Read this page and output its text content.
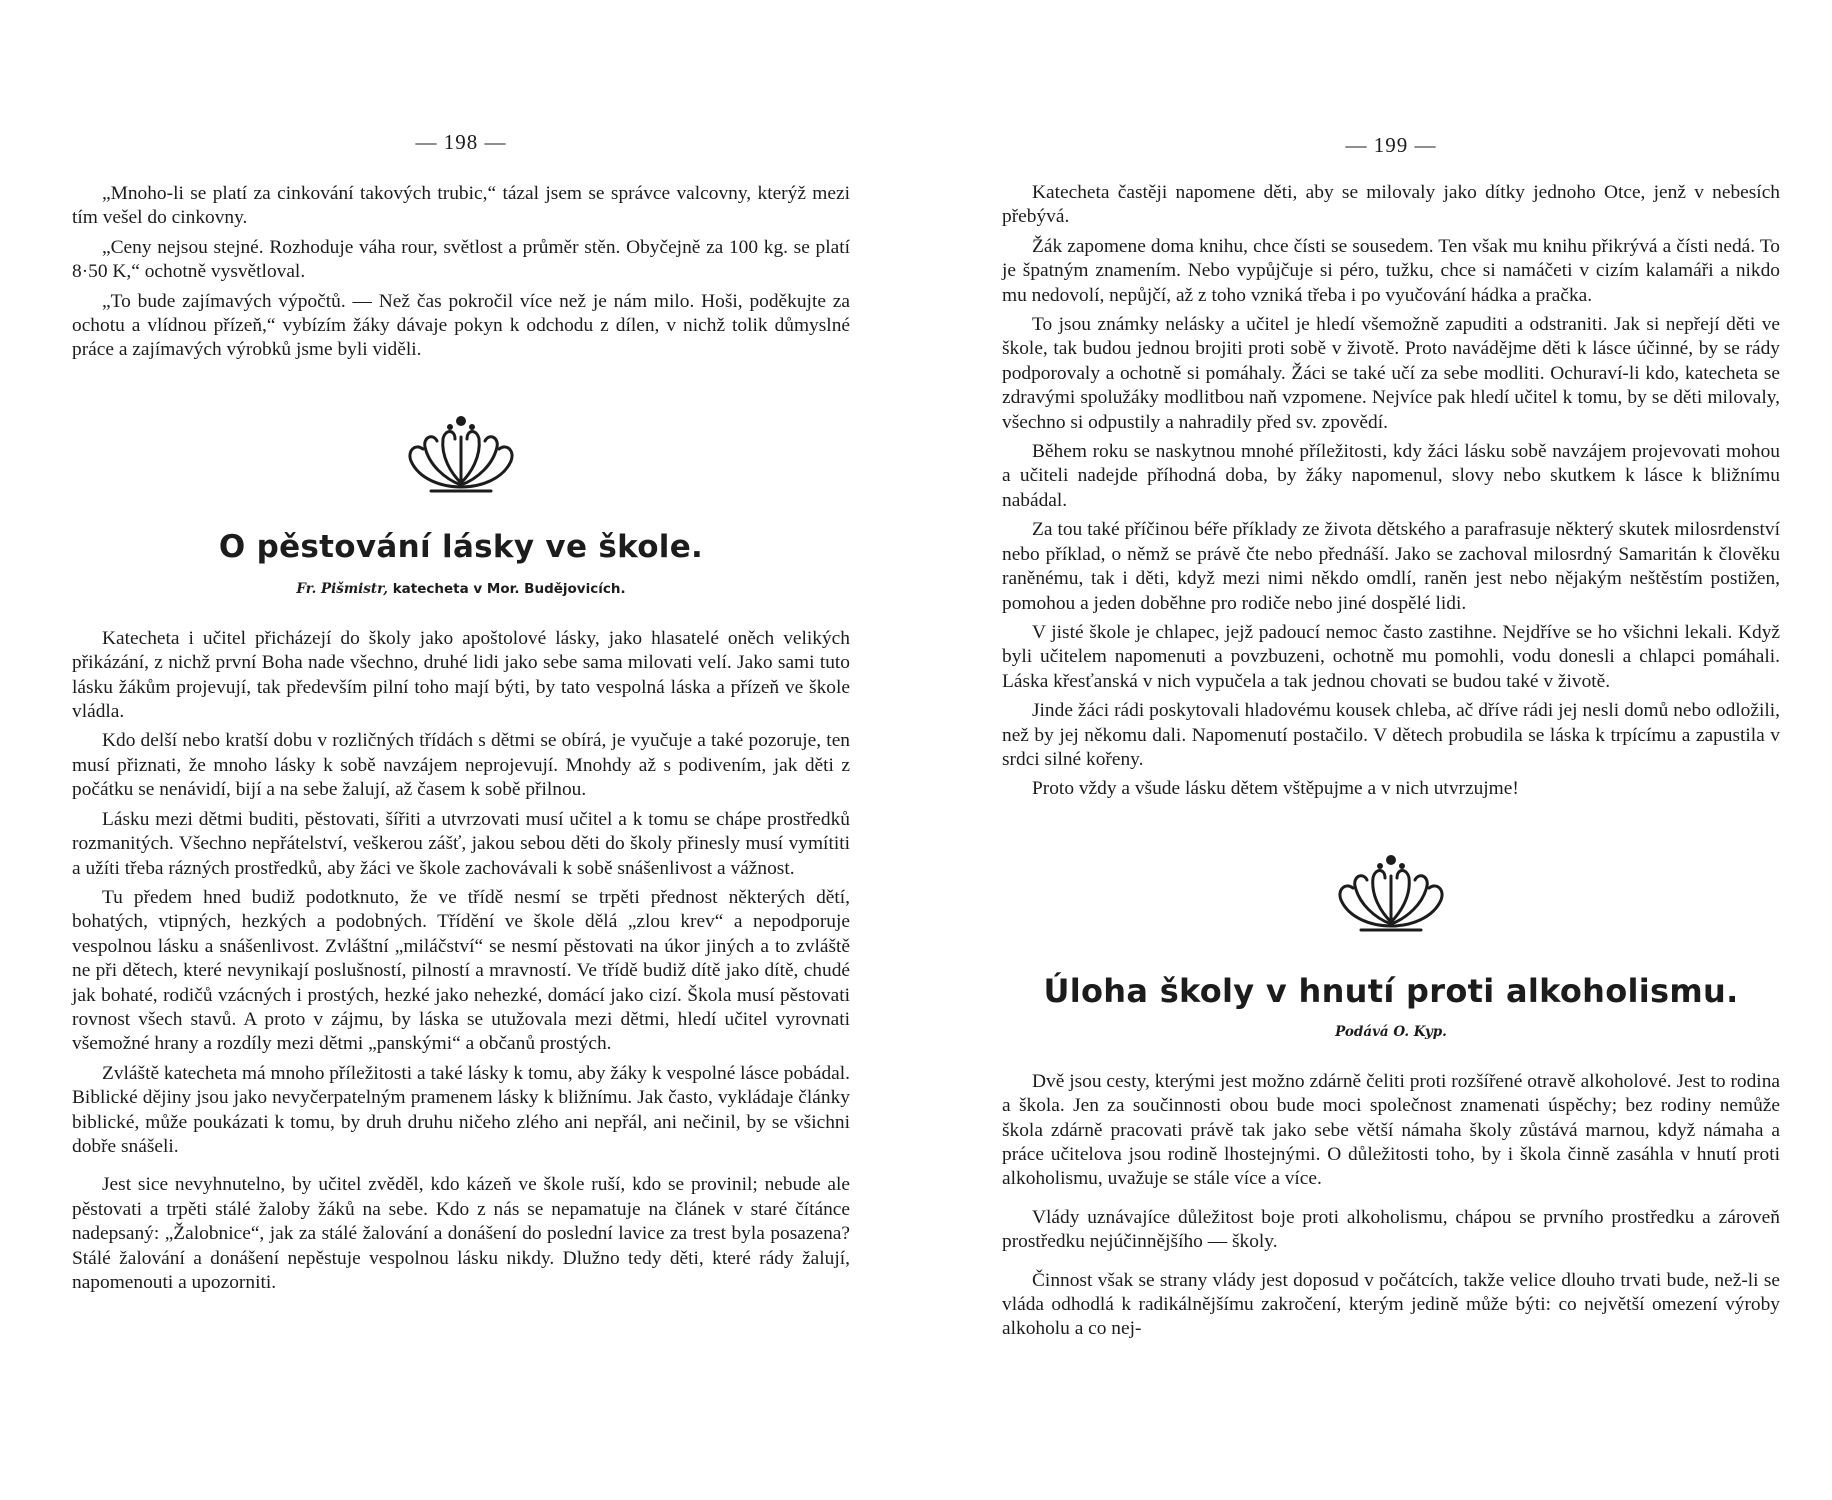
— 198 —

„Mnoho-li se platí za cinkování takových trubic,“ tázal jsem se správce valcovny, kterýž mezi tím vešel do cinkovny.

„Ceny nejsou stejné. Rozhoduje váha rour, světlost a průměr stěn. Obyčejně za 100 kg. se platí 8·50 K,“ ochotně vysvětloval.

„To bude zajímavých výpočtů. — Než čas pokročil více než je nám milo. Hoši, poděkujte za ochotu a vlídnou přízeň,“ vybízím žáky dávaje pokyn k odchodu z dílen, v nichž tolik důmyslné práce a zajímavých výrobků jsme byli viděli.

O pěstování lásky ve škole.
Fr. Pišmistr, katecheta v Mor. Budějovicích.

Katecheta i učitel přicházejí do školy jako apoštolové lásky, jako hlasatelé oněch velikých přikázání, z nichž první Boha nade všechno, druhé lidi jako sebe sama milovati velí. Jako sami tuto lásku žákům projevují, tak především pilní toho mají býti, by tato vespolná láska a přízeň ve škole vládla.

Kdo delší nebo kratší dobu v rozličných třídách s dětmi se obírá, je vyučuje a také pozoruje, ten musí přiznati, že mnoho lásky k sobě navzájem neprojevují. Mnohdy až s podivením, jak děti z počátku se nenávidí, bijí a na sebe žalují, až časem k sobě přilnou.

Lásku mezi dětmi buditi, pěstovati, šířiti a utvrzovati musí učitel a k tomu se chápe prostředků rozmanitých. Všechno nepřátelství, veškerou zášť, jakou sebou děti do školy přinesly musí vymítiti a užíti třeba rázných prostředků, aby žáci ve škole zachovávali k sobě snášenlivost a vážnost.

Tu předem hned budiž podotknuto, že ve třídě nesmí se trpěti přednost některých dětí, bohatých, vtipných, hezkých a podobných. Třídění ve škole dělá „zlou krev“ a nepodporuje vespolnou lásku a snášenlivost. Zvláštní „miláčství“ se nesmí pěstovati na úkor jiných a to zvláště ne při dětech, které nevynikají poslušností, pilností a mravností. Ve třídě budiž dítě jako dítě, chudé jak bohaté, rodičů vzácných i prostých, hezké jako nehezké, domácí jako cizí. Škola musí pěstovati rovnost všech stavů. A proto v zájmu, by láska se utužovala mezi dětmi, hledí učitel vyrovnati všemožné hrany a rozdíly mezi dětmi „panskými“ a občanů prostých.

Zvláště katecheta má mnoho příležitosti a také lásky k tomu, aby žáky k vespolné lásce pobádal. Biblické dějiny jsou jako nevyčerpatelným pramenem lásky k bližnímu. Jak často, vykládaje články biblické, může poukázati k tomu, by druh druhu ničeho zlého ani nepřál, ani nečinil, by se všichni dobře snášeli.

Jest sice nevyhnutelno, by učitel zvěděl, kdo kázeň ve škole ruší, kdo se provinil; nebude ale pěstovati a trpěti stálé žaloby žáků na sebe. Kdo z nás se nepamatuje na článek v staré čítánce nadepsaný: „Žalobnice“, jak za stálé žalování a donášení do poslední lavice za trest byla posazena? Stálé žalování a donášení nepěstuje vespolnou lásku nikdy. Dlužno tedy děti, které rády žalují, napomenouti a upozorniti.

— 199 —

Katecheta častěji napomene děti, aby se milovaly jako dítky jednoho Otce, jenž v nebesích přebývá.

Žák zapomene doma knihu, chce čísti se sousedem. Ten však mu knihu přikrývá a čísti nedá. To je špatným znamením. Nebo vypůjčuje si péro, tužku, chce si namáčeti v cizím kalamáři a nikdo mu nedovolí, nepůjčí, až z toho vzniká třeba i po vyučování hádka a pračka.

To jsou známky nelásky a učitel je hledí všemožně zapuditi a odstraniti. Jak si nepřejí děti ve škole, tak budou jednou brojiti proti sobě v životě. Proto navádějme děti k lásce účinné, by se rády podporovaly a ochotně si pomáhaly. Žáci se také učí za sebe modliti. Ochuraví-li kdo, katecheta se zdravými spolužáky modlitbou naň vzpomene. Nejvíce pak hledí učitel k tomu, by se děti milovaly, všechno si odpustily a nahradily před sv. zpovědí.

Během roku se naskytnou mnohé příležitosti, kdy žáci lásku sobě navzájem projevovati mohou a učiteli nadejde příhodná doba, by žáky napomenul, slovy nebo skutkem k lásce k bližnímu nabádal.

Za tou také příčinou béře příklady ze života dětského a parafrasuje některý skutek milosrdenství nebo příklad, o němž se právě čte nebo přednáší. Jako se zachoval milosrdný Samaritán k člověku raněnému, tak i děti, když mezi nimi někdo omdlí, raněn jest nebo nějakým neštěstím postižen, pomohou a jeden doběhne pro rodiče nebo jiné dospělé lidi.

V jisté škole je chlapec, jejž padoucí nemoc často zastihne. Nejdříve se ho všichni lekali. Když byli učitelem napomenuti a povzbuzeni, ochotně mu pomohli, vodu donesli a chlapci pomáhali. Láska křesťanská v nich vypučela a tak jednou chovati se budou také v životě.

Jinde žáci rádi poskytovali hladovému kousek chleba, ač dříve rádi jej nesli domů nebo odložili, než by jej někomu dali. Napomenutí postačilo. V dětech probudila se láska k trpícímu a zapustila v srdci silné kořeny.

Proto vždy a všude lásku dětem vštěpujme a v nich utvrzujme!

Úloha školy v hnutí proti alkoholismu.
Podává O. Kyp.

Dvě jsou cesty, kterými jest možno zdárně čeliti proti rozšířené otravě alkoholové. Jest to rodina a škola. Jen za součinnosti obou bude moci společnost znamenati úspěchy; bez rodiny nemůže škola zdárně pracovati právě tak jako sebe větší námaha školy zůstává marnou, když námaha a práce učitelova jsou rodině lhostejnými. O důležitosti toho, by i škola činně zasáhla v hnutí proti alkoholismu, uvažuje se stále více a více.

Vlády uznávajíce důležitost boje proti alkoholismu, chápou se prvního prostředku a zároveň prostředku nejúčinnějšího — školy.

Činnost však se strany vlády jest doposud v počátcích, takže velice dlouho trvati bude, než-li se vláda odhodlá k radikálnějšímu zakročení, kterým jedině může býti: co největší omezení výroby alkoholu a co nej-
